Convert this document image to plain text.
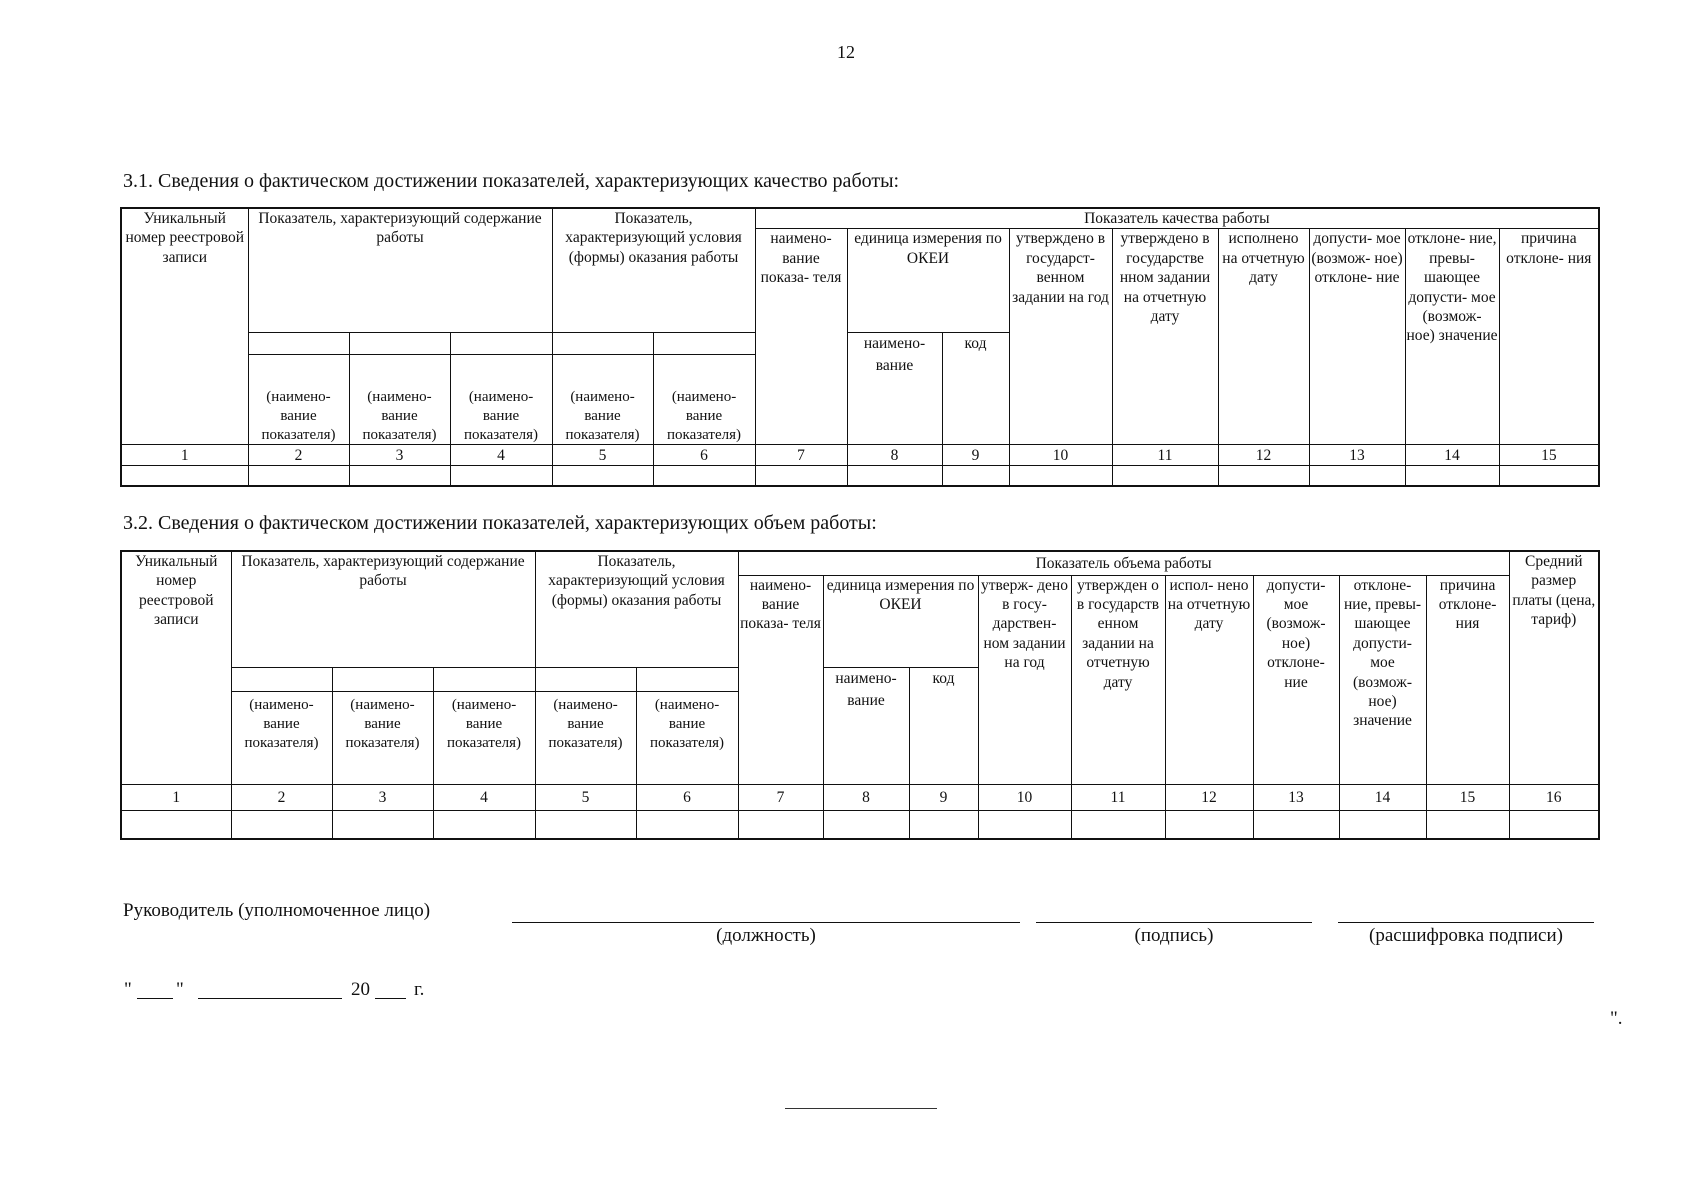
12
3.1. Сведения о фактическом достижении показателей, характеризующих качество работы:
Уникальный номер реестровой записи	Показатель, характеризующий содержание работы			Показатель, характеризующий условия (формы) оказания работы		Показатель качества работы								
						наимено- вание показа- теля	единица измерения по ОКЕИ		утверждено в государст- венном задании на год	утверждено в государстве нном задании на отчетную дату	исполнено на отчетную дату	допусти- мое (возмож- ное) отклоне- ние	отклоне- ние, превы- шающее допусти- мое (возмож- ное) значение	причина отклоне- ния
							наимено- вание	код						
	(наимено- вание показателя)	(наимено- вание показателя)	(наимено- вание показателя)	(наимено- вание показателя)	(наимено- вание показателя)									
1	2	3	4	5	6	7	8	9	10	11	12	13	14	15

3.2. Сведения о фактическом достижении показателей, характеризующих объем работы:
Уникальный номер реестровой записи	Показатель, характеризующий содержание работы			Показатель, характеризующий условия (формы) оказания работы		Показатель объема работы									Средний размер платы (цена, тариф)
						наимено- вание показа- теля	единица измерения по ОКЕИ		утверж- дено в госу- дарствен- ном задании на год	утвержден о в государств енном задании на отчетную дату	испол- нено на отчетную дату	допусти- мое (возмож- ное) отклоне- ние	отклоне- ние, превы- шающее допусти- мое (возмож- ное) значение	причина отклоне- ния	
							наимено- вание	код							
	(наимено- вание показателя)	(наимено- вание показателя)	(наимено- вание показателя)	(наимено- вание показателя)	(наимено- вание показателя)										
1	2	3	4	5	6	7	8	9	10	11	12	13	14	15	16

Руководитель (уполномоченное лицо)
(должность)	(подпись)	(расшифровка подписи)
" "	20 г.
".
